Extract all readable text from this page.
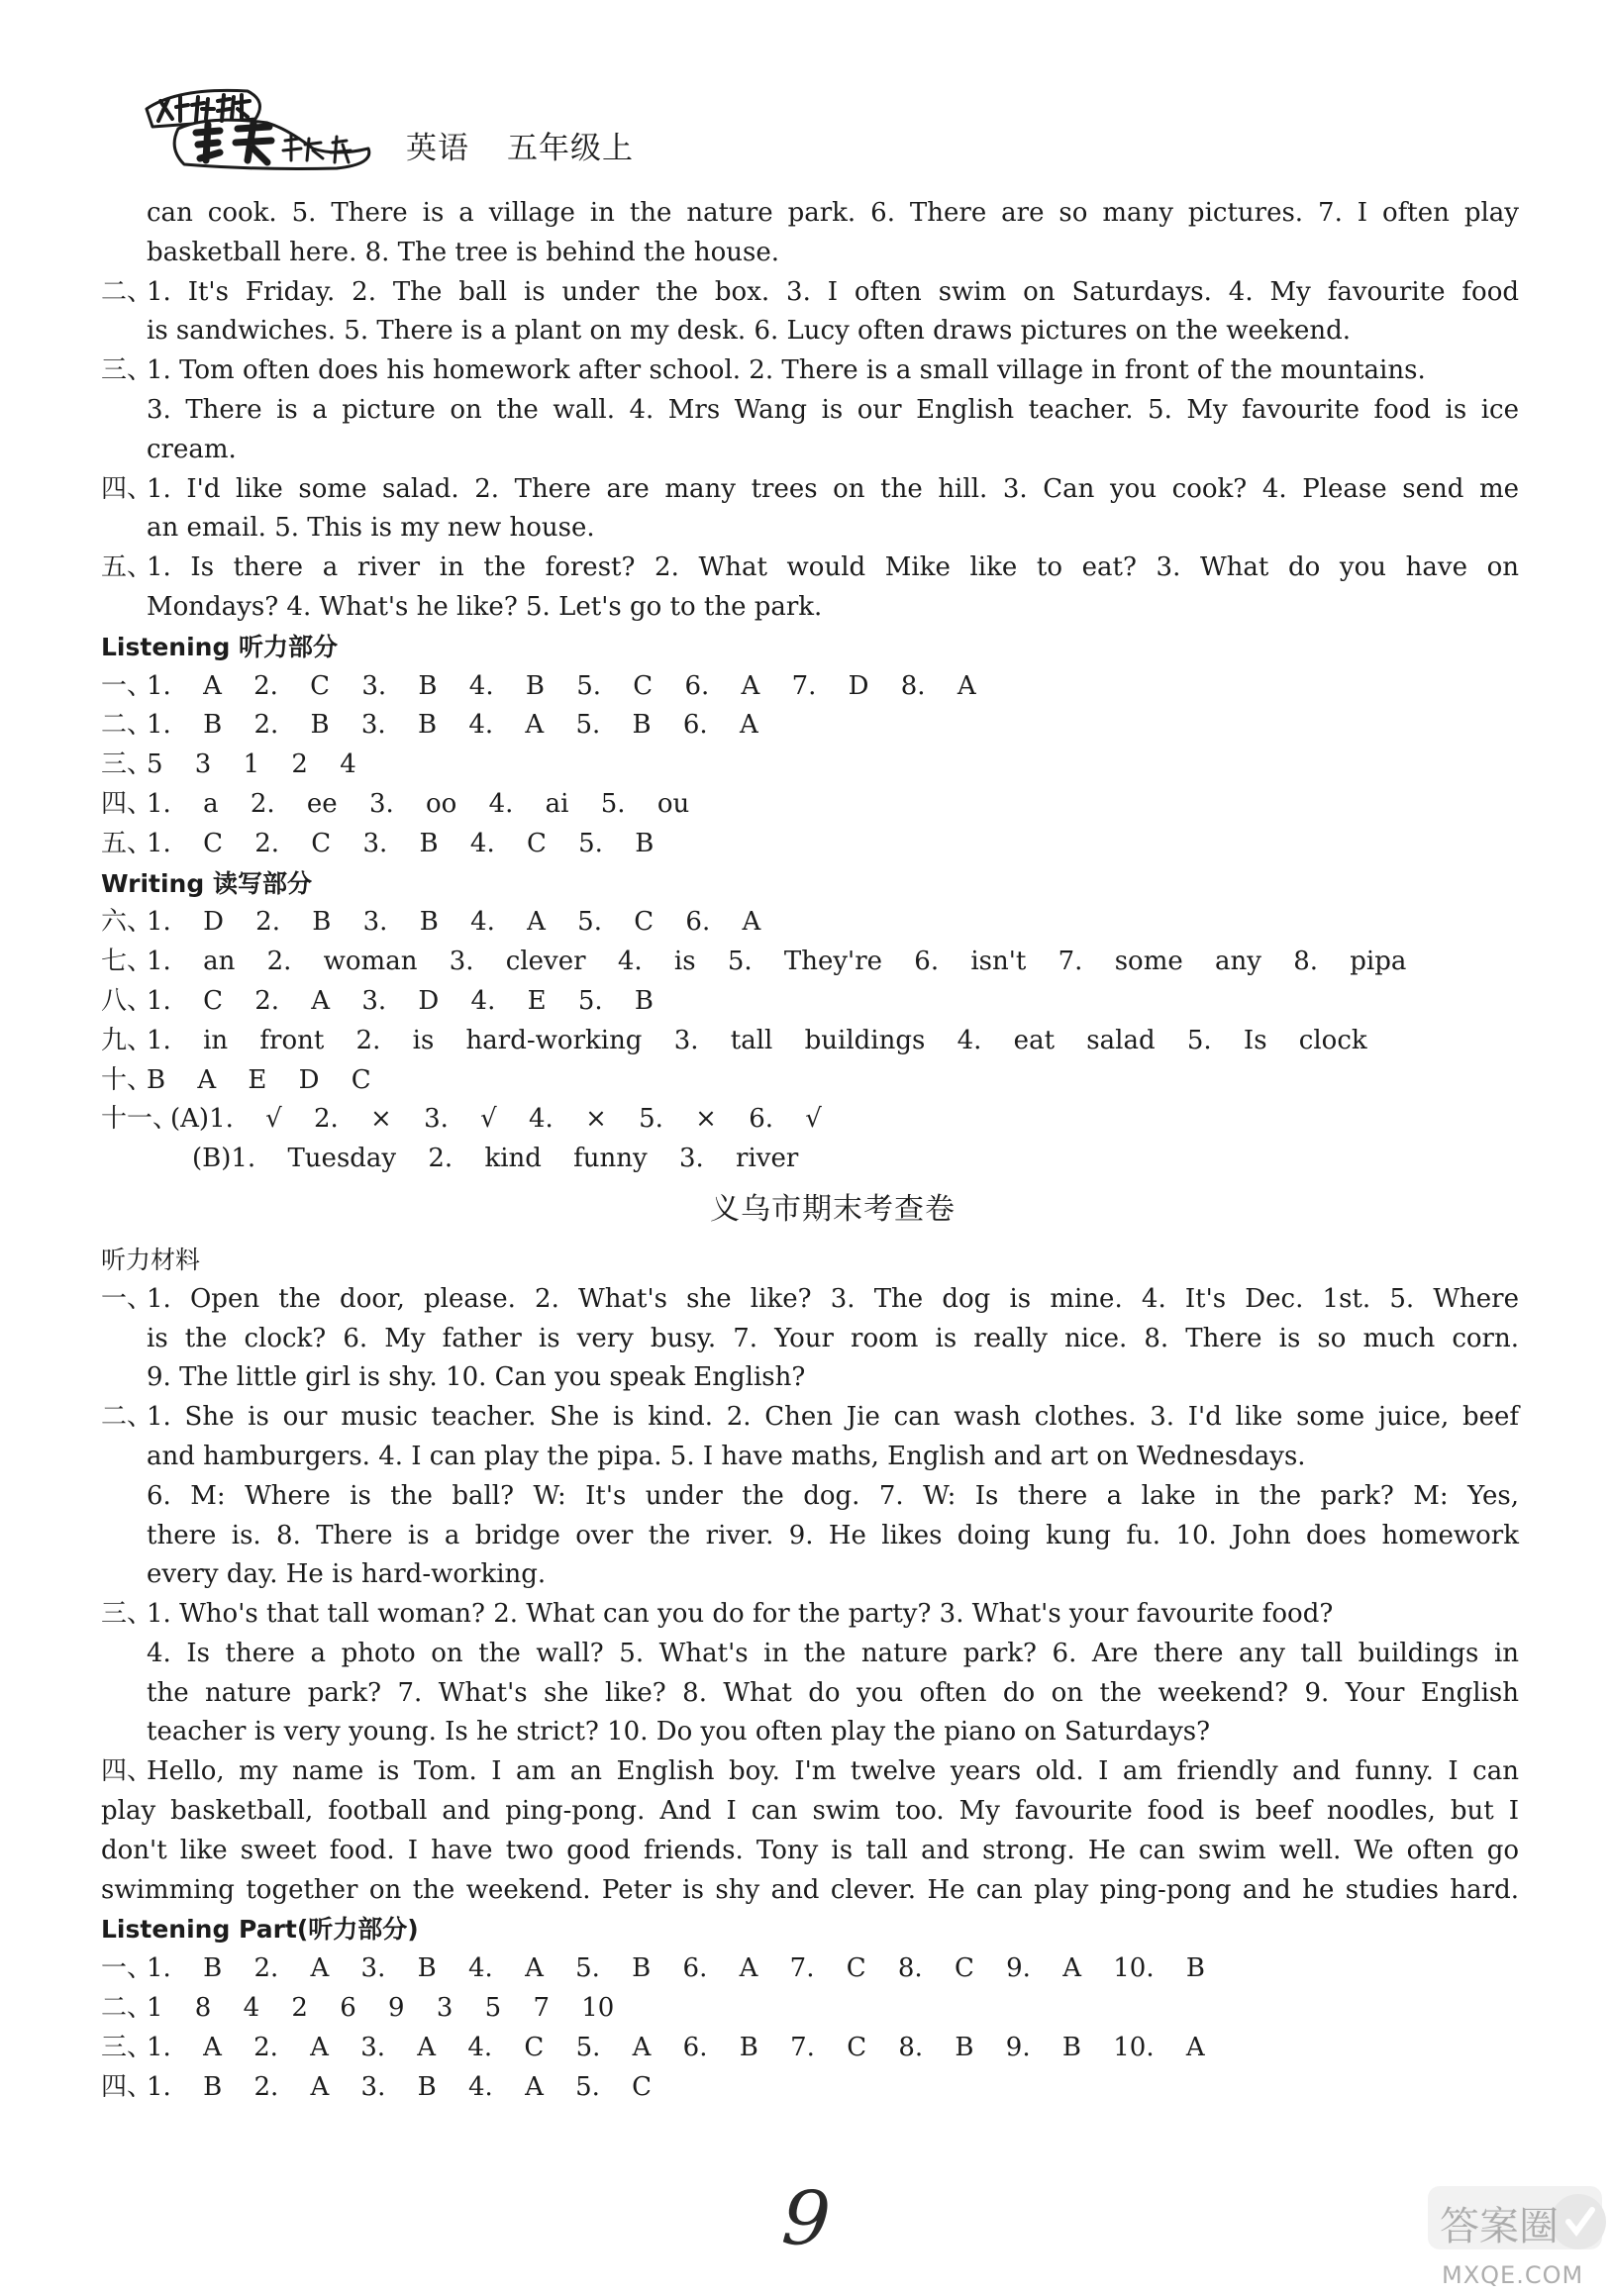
英语 五年级上
can cook. 5. There is a village in the nature park. 6. There are so many pictures. 7. I often play
basketball here. 8. The tree is behind the house.
二、
1. It's Friday. 2. The ball is under the box. 3. I often swim on Saturdays. 4. My favourite food
is sandwiches. 5. There is a plant on my desk. 6. Lucy often draws pictures on the weekend.
三、
1. Tom often does his homework after school. 2. There is a small village in front of the mountains.
3. There is a picture on the wall. 4. Mrs Wang is our English teacher. 5. My favourite food is ice
cream.
四、
1. I'd like some salad. 2. There are many trees on the hill. 3. Can you cook? 4. Please send me
an email. 5. This is my new house.
五、
1. Is there a river in the forest? 2. What would Mike like to eat? 3. What do you have on
Mondays? 4. What's he like? 5. Let's go to the park.
Listening 听力部分
一、
1. A 2. C 3. B 4. B 5. C 6. A 7. D 8. A
二、
1. B 2. B 3. B 4. A 5. B 6. A
三、
5 3 1 2 4
四、
1. a 2. ee 3. oo 4. ai 5. ou
五、
1. C 2. C 3. B 4. C 5. B
Writing 读写部分
六、
1. D 2. B 3. B 4. A 5. C 6. A
七、
1. an 2. woman 3. clever 4. is 5. They're 6. isn't 7. some any 8. pipa
八、
1. C 2. A 3. D 4. E 5. B
九、
1. in front 2. is hard-working 3. tall buildings 4. eat salad 5. Is clock
十、
B A E D C
十一、
(A)1. √ 2. × 3. √ 4. × 5. × 6. √
(B)1. Tuesday 2. kind funny 3. river
义乌市期末考查卷
听力材料
一、
1. Open the door, please. 2. What's she like? 3. The dog is mine. 4. It's Dec. 1st. 5. Where
is the clock? 6. My father is very busy. 7. Your room is really nice. 8. There is so much corn.
9. The little girl is shy. 10. Can you speak English?
二、
1. She is our music teacher. She is kind. 2. Chen Jie can wash clothes. 3. I'd like some juice, beef
and hamburgers. 4. I can play the pipa. 5. I have maths, English and art on Wednesdays.
6. M: Where is the ball? W: It's under the dog. 7. W: Is there a lake in the park? M: Yes,
there is. 8. There is a bridge over the river. 9. He likes doing kung fu. 10. John does homework
every day. He is hard-working.
三、
1. Who's that tall woman? 2. What can you do for the party? 3. What's your favourite food?
4. Is there a photo on the wall? 5. What's in the nature park? 6. Are there any tall buildings in
the nature park? 7. What's she like? 8. What do you often do on the weekend? 9. Your English
teacher is very young. Is he strict? 10. Do you often play the piano on Saturdays?
四、
Hello, my name is Tom. I am an English boy. I'm twelve years old. I am friendly and funny. I can
play basketball, football and ping-pong. And I can swim too. My favourite food is beef noodles, but I
don't like sweet food. I have two good friends. Tony is tall and strong. He can swim well. We often go
swimming together on the weekend. Peter is shy and clever. He can play ping-pong and he studies hard.
Listening Part(听力部分)
一、
1. B 2. A 3. B 4. A 5. B 6. A 7. C 8. C 9. A 10. B
二、
1 8 4 2 6 9 3 5 7 10
三、
1. A 2. A 3. A 4. C 5. A 6. B 7. C 8. B 9. B 10. A
四、
1. B 2. A 3. B 4. A 5. C
9	答案圈
MXQE.COM
